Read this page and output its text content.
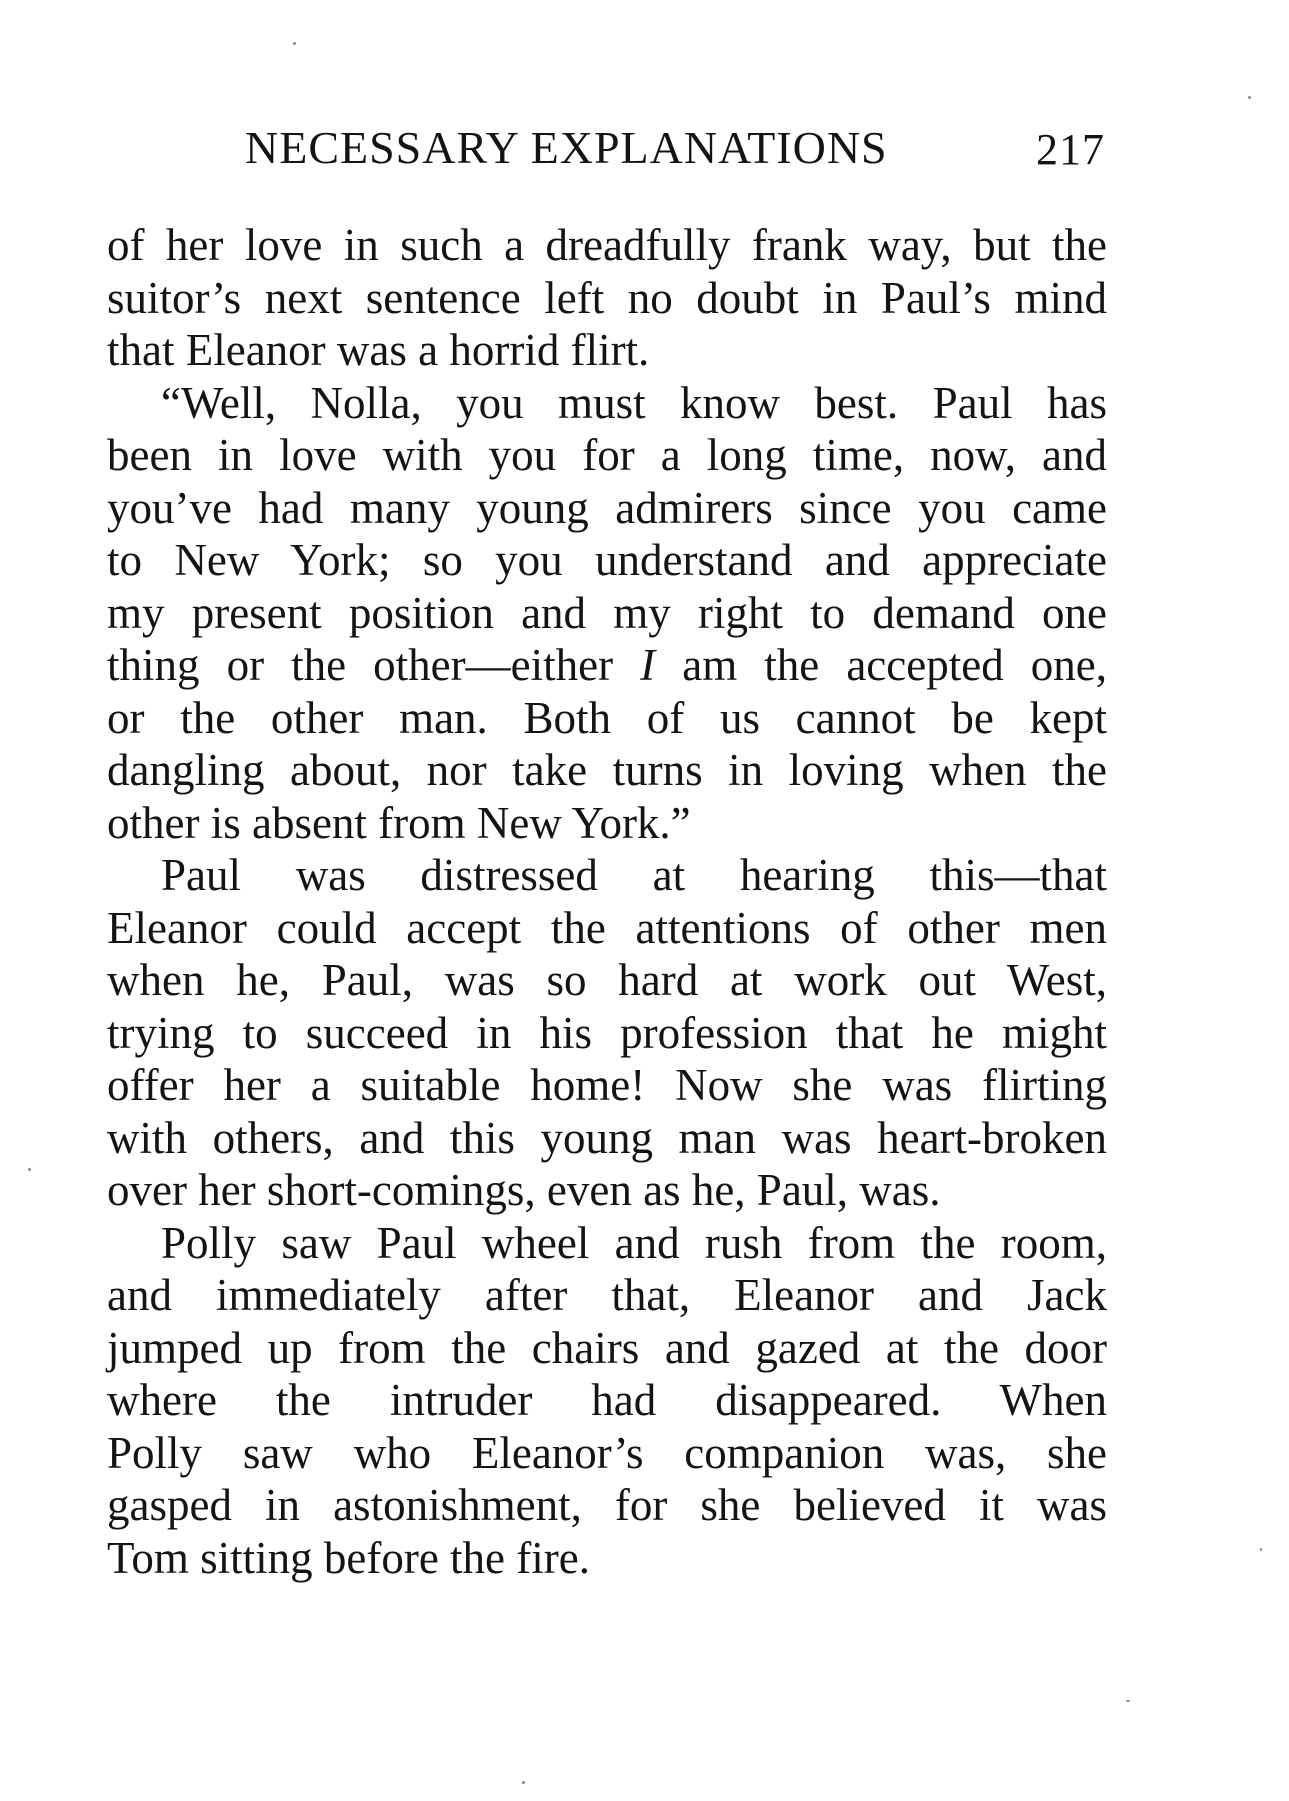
NECESSARY EXPLANATIONS	217
of her love in such a dreadfully frank way, but the
suitor’s next sentence left no doubt in Paul’s mind
that Eleanor was a horrid flirt.
“Well, Nolla, you must know best. Paul has
been in love with you for a long time, now, and
you’ve had many young admirers since you came
to New York; so you understand and appreciate
my present position and my right to demand one
thing or the other—either I am the accepted one,
or the other man. Both of us cannot be kept
dangling about, nor take turns in loving when the
other is absent from New York.”
Paul was distressed at hearing this—that
Eleanor could accept the attentions of other men
when he, Paul, was so hard at work out West,
trying to succeed in his profession that he might
offer her a suitable home! Now she was flirting
with others, and this young man was heart-broken
over her short-comings, even as he, Paul, was.
Polly saw Paul wheel and rush from the room,
and immediately after that, Eleanor and Jack
jumped up from the chairs and gazed at the door
where the intruder had disappeared. When
Polly saw who Eleanor’s companion was, she
gasped in astonishment, for she believed it was
Tom sitting before the fire.
